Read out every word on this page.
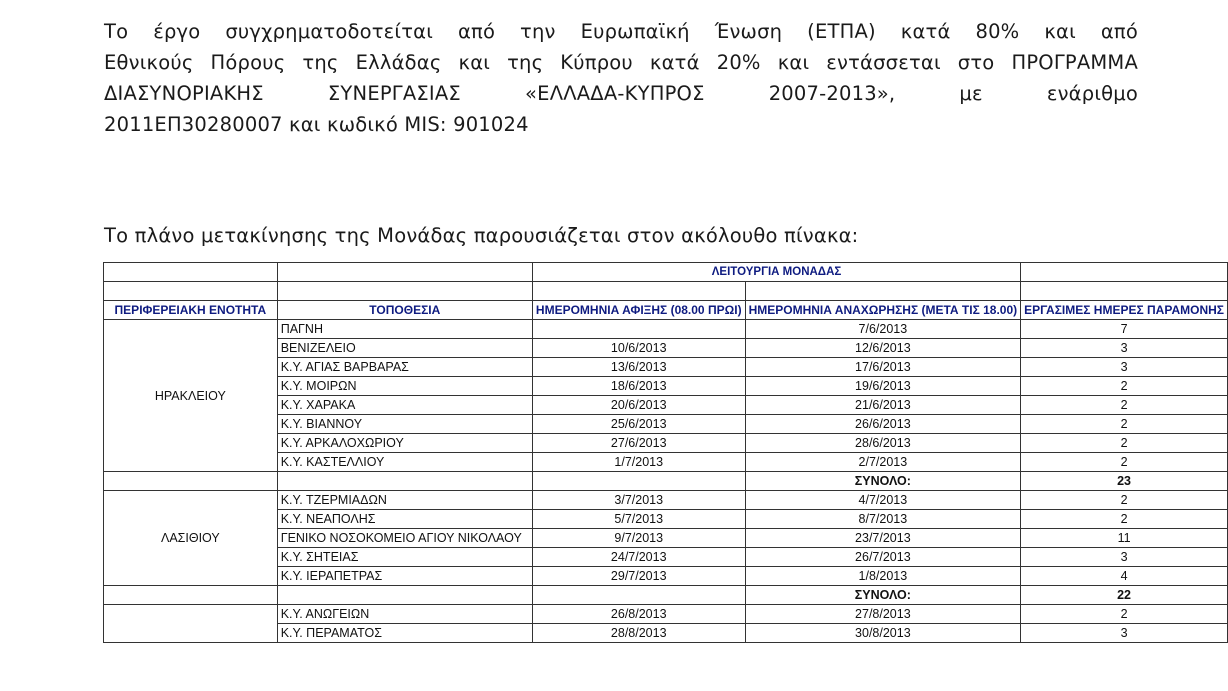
Το έργο συγχρηματοδοτείται από την Ευρωπαϊκή Ένωση (ΕΤΠΑ) κατά 80% και από
Εθνικούς Πόρους της Ελλάδας και της Κύπρου κατά 20% και εντάσσεται στο ΠΡΟΓΡΑΜΜΑ
ΔΙΑΣΥΝΟΡΙΑΚΗΣ ΣΥΝΕΡΓΑΣΙΑΣ «ΕΛΛΑΔΑ-ΚΥΠΡΟΣ 2007-2013», με ενάριθμο
2011ΕΠ30280007 και κωδικό MIS: 901024

Το πλάνο μετακίνησης της Μονάδας παρουσιάζεται στον ακόλουθο πίνακα:

		ΛΕΙΤΟΥΡΓΙΑ ΜΟΝΑΔΑΣ		

ΠΕΡΙΦΕΡΕΙΑΚΗ ΕΝΟΤΗΤΑ	ΤΟΠΟΘΕΣΙΑ	ΗΜΕΡΟΜΗΝΙΑ ΑΦΙΞΗΣ (08.00 ΠΡΩΙ)	ΗΜΕΡΟΜΗΝΙΑ ΑΝΑΧΩΡΗΣΗΣ (ΜΕΤΑ ΤΙΣ 18.00)	ΕΡΓΑΣΙΜΕΣ ΗΜΕΡΕΣ ΠΑΡΑΜΟΝΗΣ
ΗΡΑΚΛΕΙΟΥ	ΠΑΓΝΗ		7/6/2013	7
	ΒΕΝΙΖΕΛΕΙΟ	10/6/2013	12/6/2013	3
	Κ.Υ. ΑΓΙΑΣ ΒΑΡΒΑΡΑΣ	13/6/2013	17/6/2013	3
	Κ.Υ. ΜΟΙΡΩΝ	18/6/2013	19/6/2013	2
	Κ.Υ. ΧΑΡΑΚΑ	20/6/2013	21/6/2013	2
	Κ.Υ. ΒΙΑΝΝΟΥ	25/6/2013	26/6/2013	2
	Κ.Υ. ΑΡΚΑΛΟΧΩΡΙΟΥ	27/6/2013	28/6/2013	2
	Κ.Υ. ΚΑΣΤΕΛΛΙΟΥ	1/7/2013	2/7/2013	2
			ΣΥΝΟΛΟ:	23
ΛΑΣΙΘΙΟΥ	Κ.Υ. ΤΖΕΡΜΙΑΔΩΝ	3/7/2013	4/7/2013	2
	Κ.Υ. ΝΕΑΠΟΛΗΣ	5/7/2013	8/7/2013	2
	ΓΕΝΙΚΟ ΝΟΣΟΚΟΜΕΙΟ ΑΓΙΟΥ ΝΙΚΟΛΑΟΥ	9/7/2013	23/7/2013	11
	Κ.Υ. ΣΗΤΕΙΑΣ	24/7/2013	26/7/2013	3
	Κ.Υ. ΙΕΡΑΠΕΤΡΑΣ	29/7/2013	1/8/2013	4
			ΣΥΝΟΛΟ:	22
	Κ.Υ. ΑΝΩΓΕΙΩΝ	26/8/2013	27/8/2013	2
	Κ.Υ. ΠΕΡΑΜΑΤΟΣ	28/8/2013	30/8/2013	3
